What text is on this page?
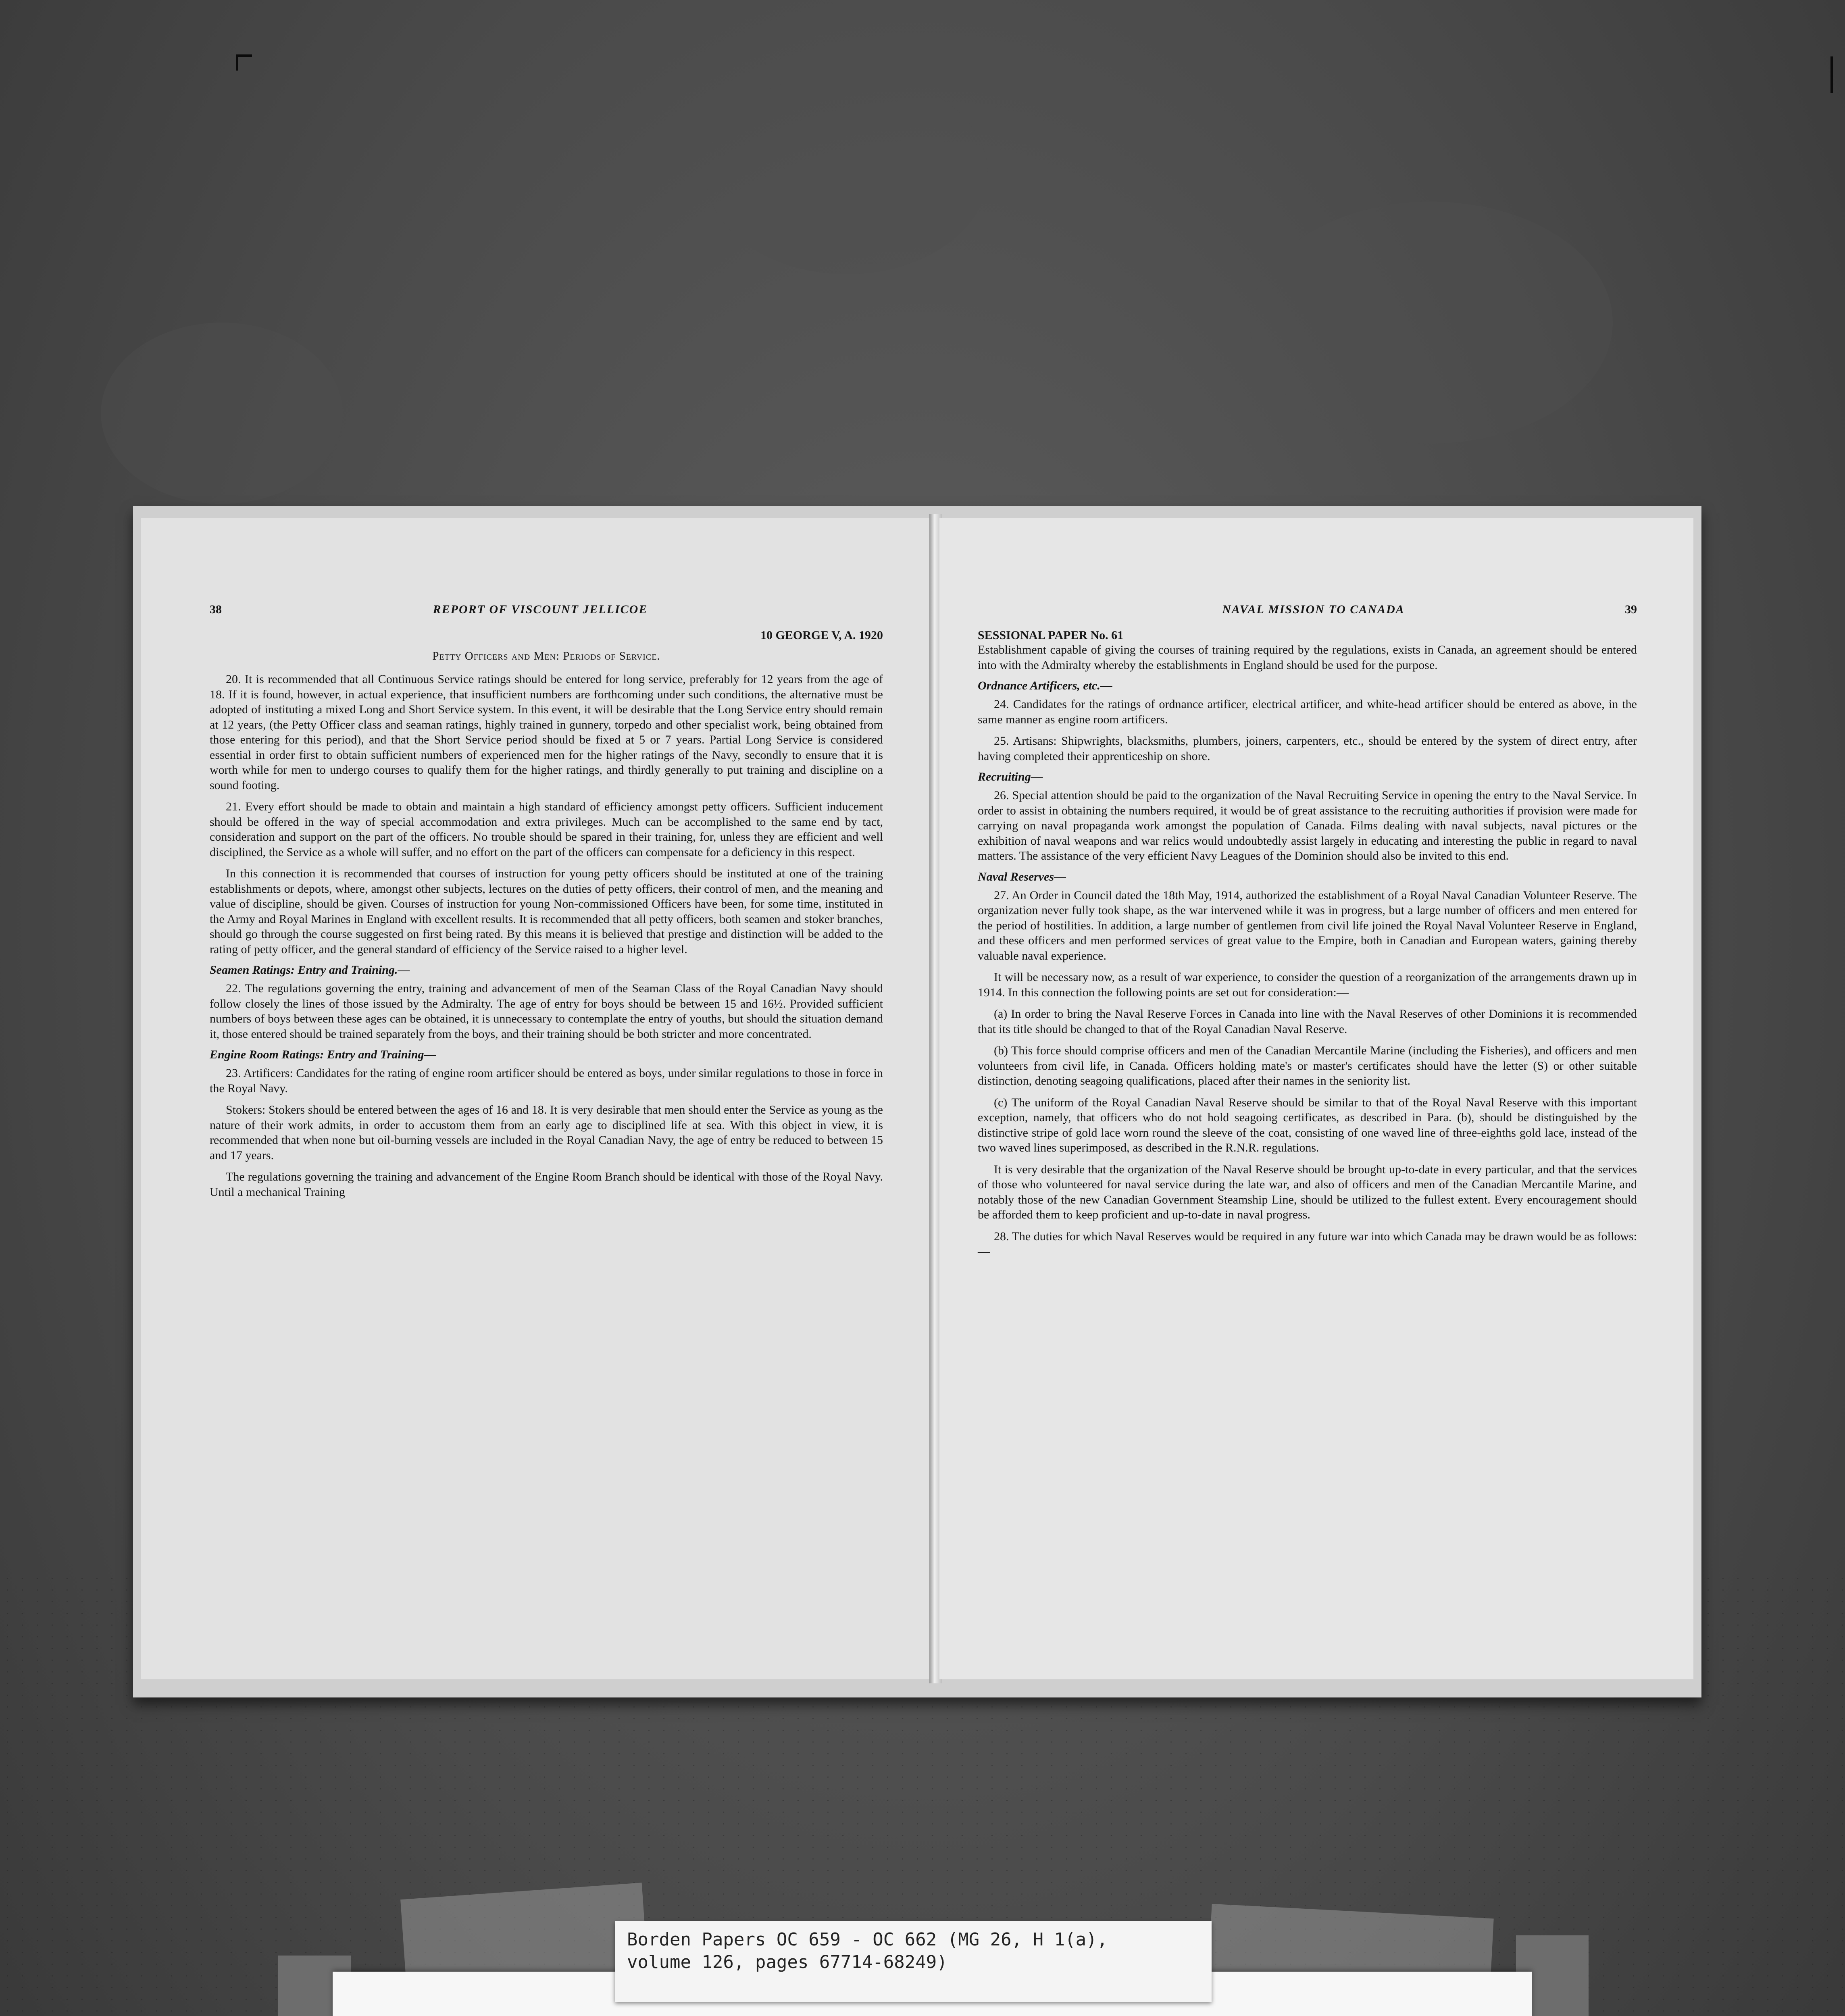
38	REPORT OF VISCOUNT JELLICOE
10 GEORGE V, A. 1920
Petty Officers and Men: Periods of Service.

20. It is recommended that all Continuous Service ratings should be entered for long service, preferably for 12 years from the age of 18. If it is found, however, in actual experience, that insufficient numbers are forthcoming under such conditions, the alternative must be adopted of instituting a mixed Long and Short Service system. In this event, it will be desirable that the Long Service entry should remain at 12 years, (the Petty Officer class and seaman ratings, highly trained in gunnery, torpedo and other specialist work, being obtained from those entering for this period), and that the Short Service period should be fixed at 5 or 7 years. Partial Long Service is considered essential in order first to obtain sufficient numbers of experienced men for the higher ratings of the Navy, secondly to ensure that it is worth while for men to undergo courses to qualify them for the higher ratings, and thirdly generally to put training and discipline on a sound footing.

21. Every effort should be made to obtain and maintain a high standard of efficiency amongst petty officers. Sufficient inducement should be offered in the way of special accommodation and extra privileges. Much can be accomplished to the same end by tact, consideration and support on the part of the officers. No trouble should be spared in their training, for, unless they are efficient and well disciplined, the Service as a whole will suffer, and no effort on the part of the officers can compensate for a deficiency in this respect.

In this connection it is recommended that courses of instruction for young petty officers should be instituted at one of the training establishments or depots, where, amongst other subjects, lectures on the duties of petty officers, their control of men, and the meaning and value of discipline, should be given. Courses of instruction for young Non-commissioned Officers have been, for some time, instituted in the Army and Royal Marines in England with excellent results. It is recommended that all petty officers, both seamen and stoker branches, should go through the course suggested on first being rated. By this means it is believed that prestige and distinction will be added to the rating of petty officer, and the general standard of efficiency of the Service raised to a higher level.

Seamen Ratings: Entry and Training.—

22. The regulations governing the entry, training and advancement of men of the Seaman Class of the Royal Canadian Navy should follow closely the lines of those issued by the Admiralty. The age of entry for boys should be between 15 and 16½. Provided sufficient numbers of boys between these ages can be obtained, it is unnecessary to contemplate the entry of youths, but should the situation demand it, those entered should be trained separately from the boys, and their training should be both stricter and more concentrated.

Engine Room Ratings: Entry and Training—

23. Artificers: Candidates for the rating of engine room artificer should be entered as boys, under similar regulations to those in force in the Royal Navy.

Stokers: Stokers should be entered between the ages of 16 and 18. It is very desirable that men should enter the Service as young as the nature of their work admits, in order to accustom them from an early age to disciplined life at sea. With this object in view, it is recommended that when none but oil-burning vessels are included in the Royal Canadian Navy, the age of entry be reduced to between 15 and 17 years.

The regulations governing the training and advancement of the Engine Room Branch should be identical with those of the Royal Navy. Until a mechanical Training

NAVAL MISSION TO CANADA	39
SESSIONAL PAPER No. 61

Establishment capable of giving the courses of training required by the regulations, exists in Canada, an agreement should be entered into with the Admiralty whereby the establishments in England should be used for the purpose.

Ordnance Artificers, etc.—

24. Candidates for the ratings of ordnance artificer, electrical artificer, and white-head artificer should be entered as above, in the same manner as engine room artificers.

25. Artisans: Shipwrights, blacksmiths, plumbers, joiners, carpenters, etc., should be entered by the system of direct entry, after having completed their apprenticeship on shore.

Recruiting—

26. Special attention should be paid to the organization of the Naval Recruiting Service in opening the entry to the Naval Service. In order to assist in obtaining the numbers required, it would be of great assistance to the recruiting authorities if provision were made for carrying on naval propaganda work amongst the population of Canada. Films dealing with naval subjects, naval pictures or the exhibition of naval weapons and war relics would undoubtedly assist largely in educating and interesting the public in regard to naval matters. The assistance of the very efficient Navy Leagues of the Dominion should also be invited to this end.

Naval Reserves—

27. An Order in Council dated the 18th May, 1914, authorized the establishment of a Royal Naval Canadian Volunteer Reserve. The organization never fully took shape, as the war intervened while it was in progress, but a large number of officers and men entered for the period of hostilities. In addition, a large number of gentlemen from civil life joined the Royal Naval Volunteer Reserve in England, and these officers and men performed services of great value to the Empire, both in Canadian and European waters, gaining thereby valuable naval experience.

It will be necessary now, as a result of war experience, to consider the question of a reorganization of the arrangements drawn up in 1914. In this connection the following points are set out for consideration:—

(a) In order to bring the Naval Reserve Forces in Canada into line with the Naval Reserves of other Dominions it is recommended that its title should be changed to that of the Royal Canadian Naval Reserve.

(b) This force should comprise officers and men of the Canadian Mercantile Marine (including the Fisheries), and officers and men volunteers from civil life, in Canada. Officers holding mate's or master's certificates should have the letter (S) or other suitable distinction, denoting seagoing qualifications, placed after their names in the seniority list.

(c) The uniform of the Royal Canadian Naval Reserve should be similar to that of the Royal Naval Reserve with this important exception, namely, that officers who do not hold seagoing certificates, as described in Para. (b), should be distinguished by the distinctive stripe of gold lace worn round the sleeve of the coat, consisting of one waved line of three-eighths gold lace, instead of the two waved lines superimposed, as described in the R.N.R. regulations.

It is very desirable that the organization of the Naval Reserve should be brought up-to-date in every particular, and that the services of those who volunteered for naval service during the late war, and also of officers and men of the Canadian Mercantile Marine, and notably those of the new Canadian Government Steamship Line, should be utilized to the fullest extent. Every encouragement should be afforded them to keep proficient and up-to-date in naval progress.

28. The duties for which Naval Reserves would be required in any future war into which Canada may be drawn would be as follows:—

Borden Papers OC 659 - OC 662 (MG 26, H 1(a),
volume 126, pages 67714-68249)
